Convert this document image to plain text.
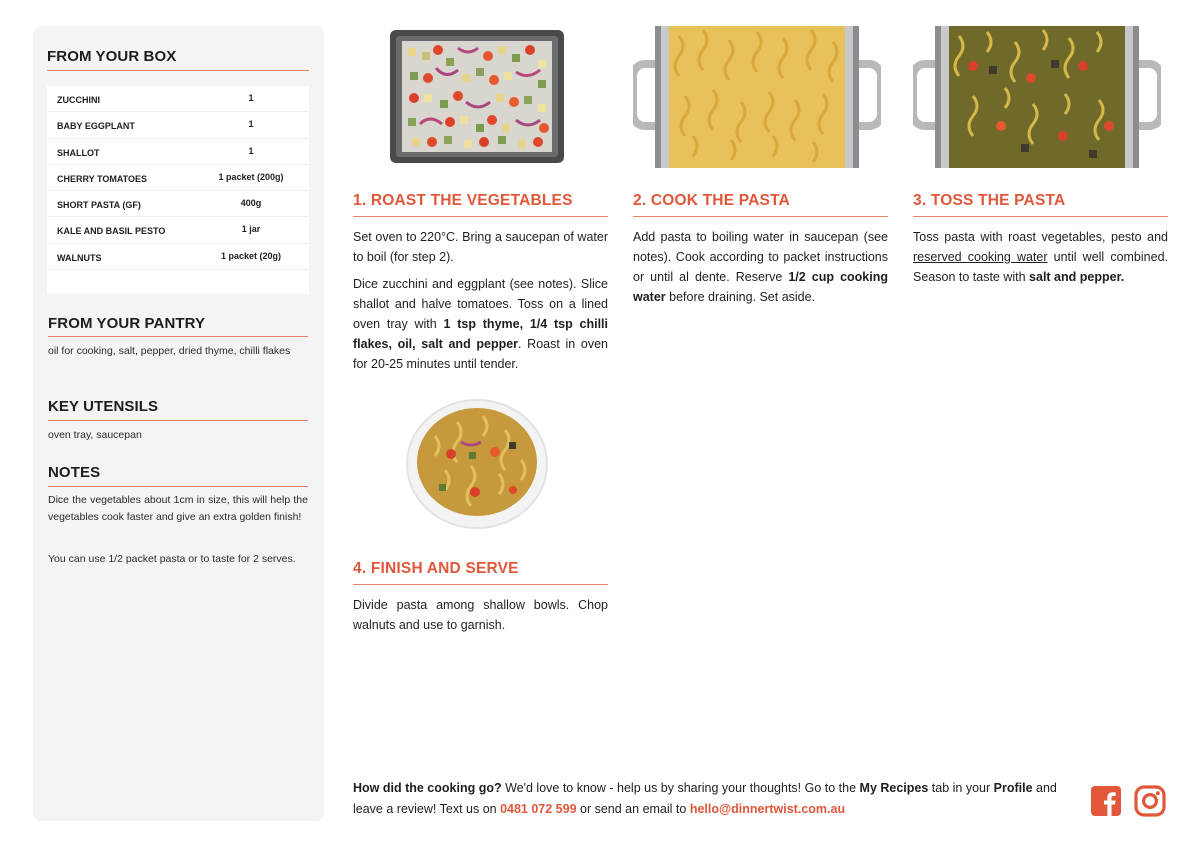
FROM YOUR BOX
ZUCCHINI	1
BABY EGGPLANT	1
SHALLOT	1
CHERRY TOMATOES	1 packet (200g)
SHORT PASTA (GF)	400g
KALE AND BASIL PESTO	1 jar
WALNUTS	1 packet (20g)
FROM YOUR PANTRY
oil for cooking, salt, pepper, dried thyme, chilli flakes
KEY UTENSILS
oven tray, saucepan
NOTES
Dice the vegetables about 1cm in size, this will help the vegetables cook faster and give an extra golden finish!
You can use 1/2 packet pasta or to taste for 2 serves.
1. ROAST THE VEGETABLES

Set oven to 220°C. Bring a saucepan of water to boil (for step 2).

Dice zucchini and eggplant (see notes). Slice shallot and halve tomatoes. Toss on a lined oven tray with 1 tsp thyme, 1/4 tsp chilli flakes, oil, salt and pepper. Roast in oven for 20-25 minutes until tender.

2. COOK THE PASTA

Add pasta to boiling water in saucepan (see notes). Cook according to packet instructions or until al dente. Reserve 1/2 cup cooking water before draining. Set aside.

3. TOSS THE PASTA

Toss pasta with roast vegetables, pesto and reserved cooking water until well combined. Season to taste with salt and pepper.

4. FINISH AND SERVE

Divide pasta among shallow bowls. Chop walnuts and use to garnish.

How did the cooking go? We'd love to know - help us by sharing your thoughts! Go to the My Recipes tab in your Profile and leave a review! Text us on 0481 072 599 or send an email to hello@dinnertwist.com.au
